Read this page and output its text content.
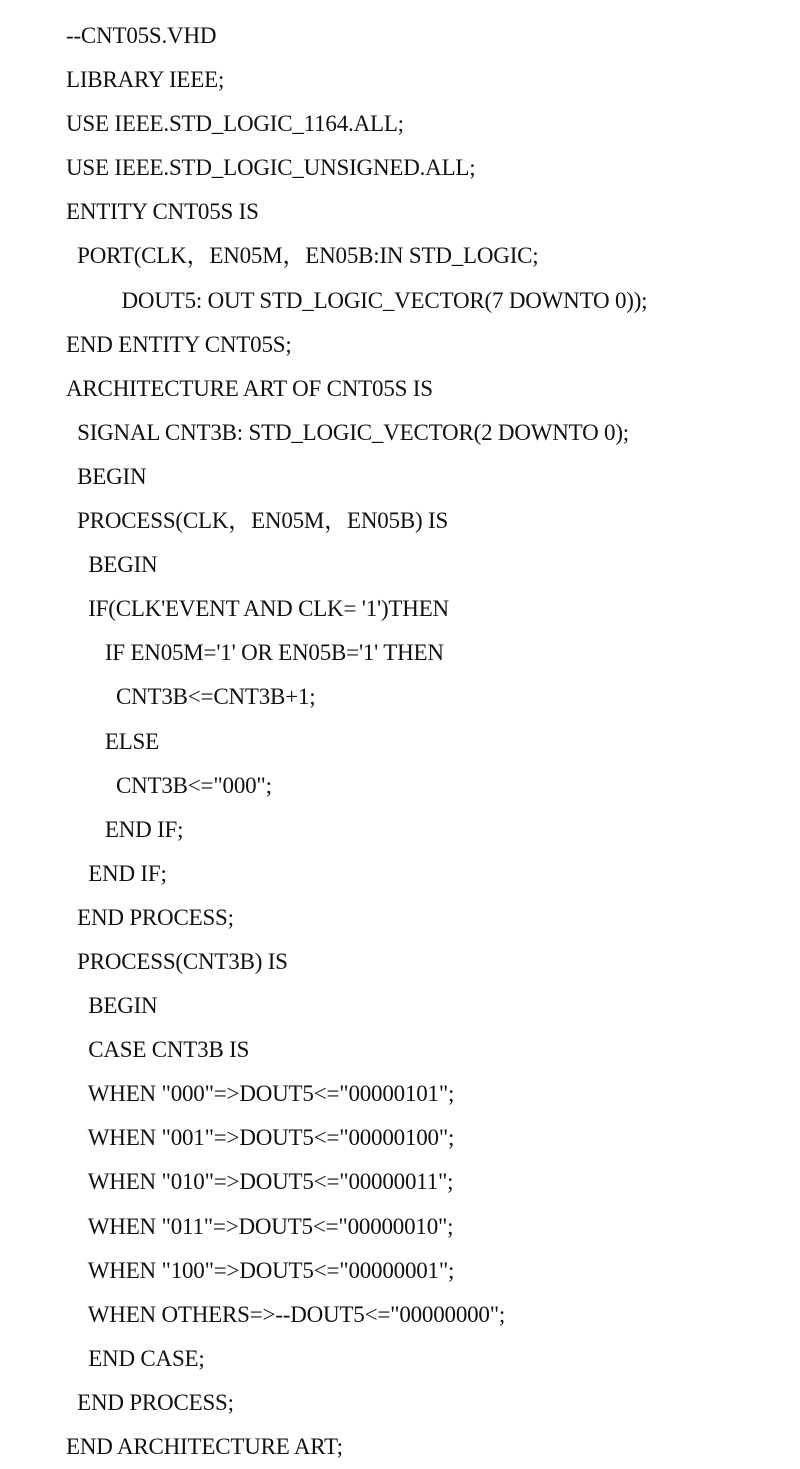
--CNT05S.VHD
LIBRARY IEEE;
USE IEEE.STD_LOGIC_1164.ALL;
USE IEEE.STD_LOGIC_UNSIGNED.ALL;
ENTITY CNT05S IS
PORT(CLK，EN05M，EN05B:IN STD_LOGIC;
DOUT5: OUT STD_LOGIC_VECTOR(7 DOWNTO 0));
END ENTITY CNT05S;
ARCHITECTURE ART OF CNT05S IS
SIGNAL CNT3B: STD_LOGIC_VECTOR(2 DOWNTO 0);
BEGIN
PROCESS(CLK，EN05M，EN05B) IS
BEGIN
IF(CLK'EVENT AND CLK= '1')THEN
IF EN05M='1' OR EN05B='1' THEN
CNT3B<=CNT3B+1;
ELSE
CNT3B<="000";
END IF;
END IF;
END PROCESS;
PROCESS(CNT3B) IS
BEGIN
CASE CNT3B IS
WHEN "000"=>DOUT5<="00000101";
WHEN "001"=>DOUT5<="00000100";
WHEN "010"=>DOUT5<="00000011";
WHEN "011"=>DOUT5<="00000010";
WHEN "100"=>DOUT5<="00000001";
WHEN OTHERS=>--DOUT5<="00000000";
END CASE;
END PROCESS;
END ARCHITECTURE ART;
